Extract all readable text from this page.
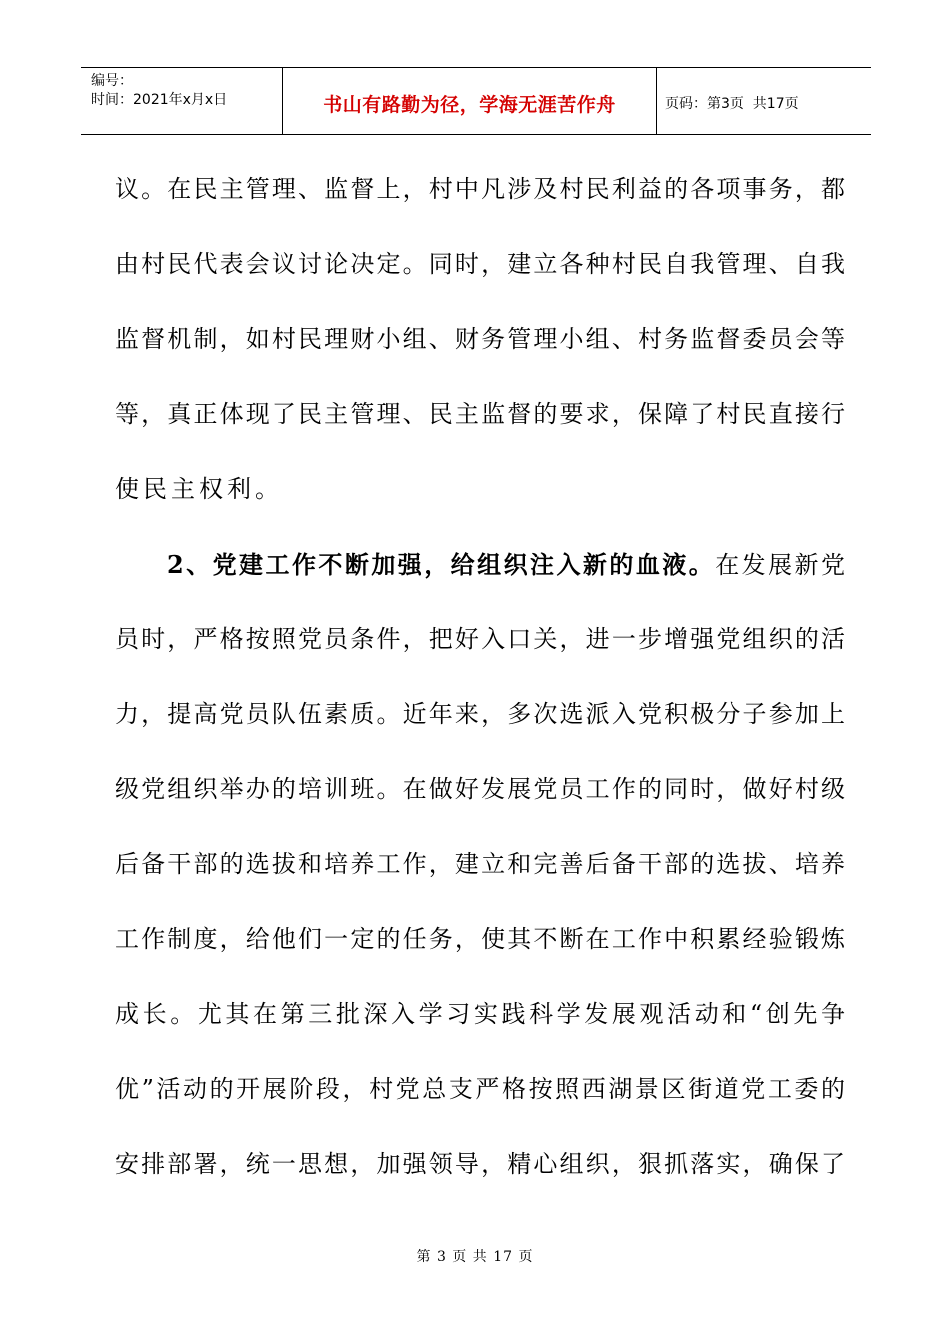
编号：
时间：2021年x月x日	书山有路勤为径，学海无涯苦作舟	页码：第3页  共17页
议。在民主管理、监督上，村中凡涉及村民利益的各项事务，都
由村民代表会议讨论决定。同时，建立各种村民自我管理、自我
监督机制，如村民理财小组、财务管理小组、村务监督委员会等
等，真正体现了民主管理、民主监督的要求，保障了村民直接行
使民主权利。
2、党建工作不断加强，给组织注入新的血液。在发展新党
员时，严格按照党员条件，把好入口关，进一步增强党组织的活
力，提高党员队伍素质。近年来，多次选派入党积极分子参加上
级党组织举办的培训班。在做好发展党员工作的同时，做好村级
后备干部的选拔和培养工作，建立和完善后备干部的选拔、培养
工作制度，给他们一定的任务，使其不断在工作中积累经验锻炼
成长。尤其在第三批深入学习实践科学发展观活动和“创先争
优”活动的开展阶段，村党总支严格按照西湖景区街道党工委的
安排部署，统一思想，加强领导，精心组织，狠抓落实，确保了
第 3 页 共 17 页
